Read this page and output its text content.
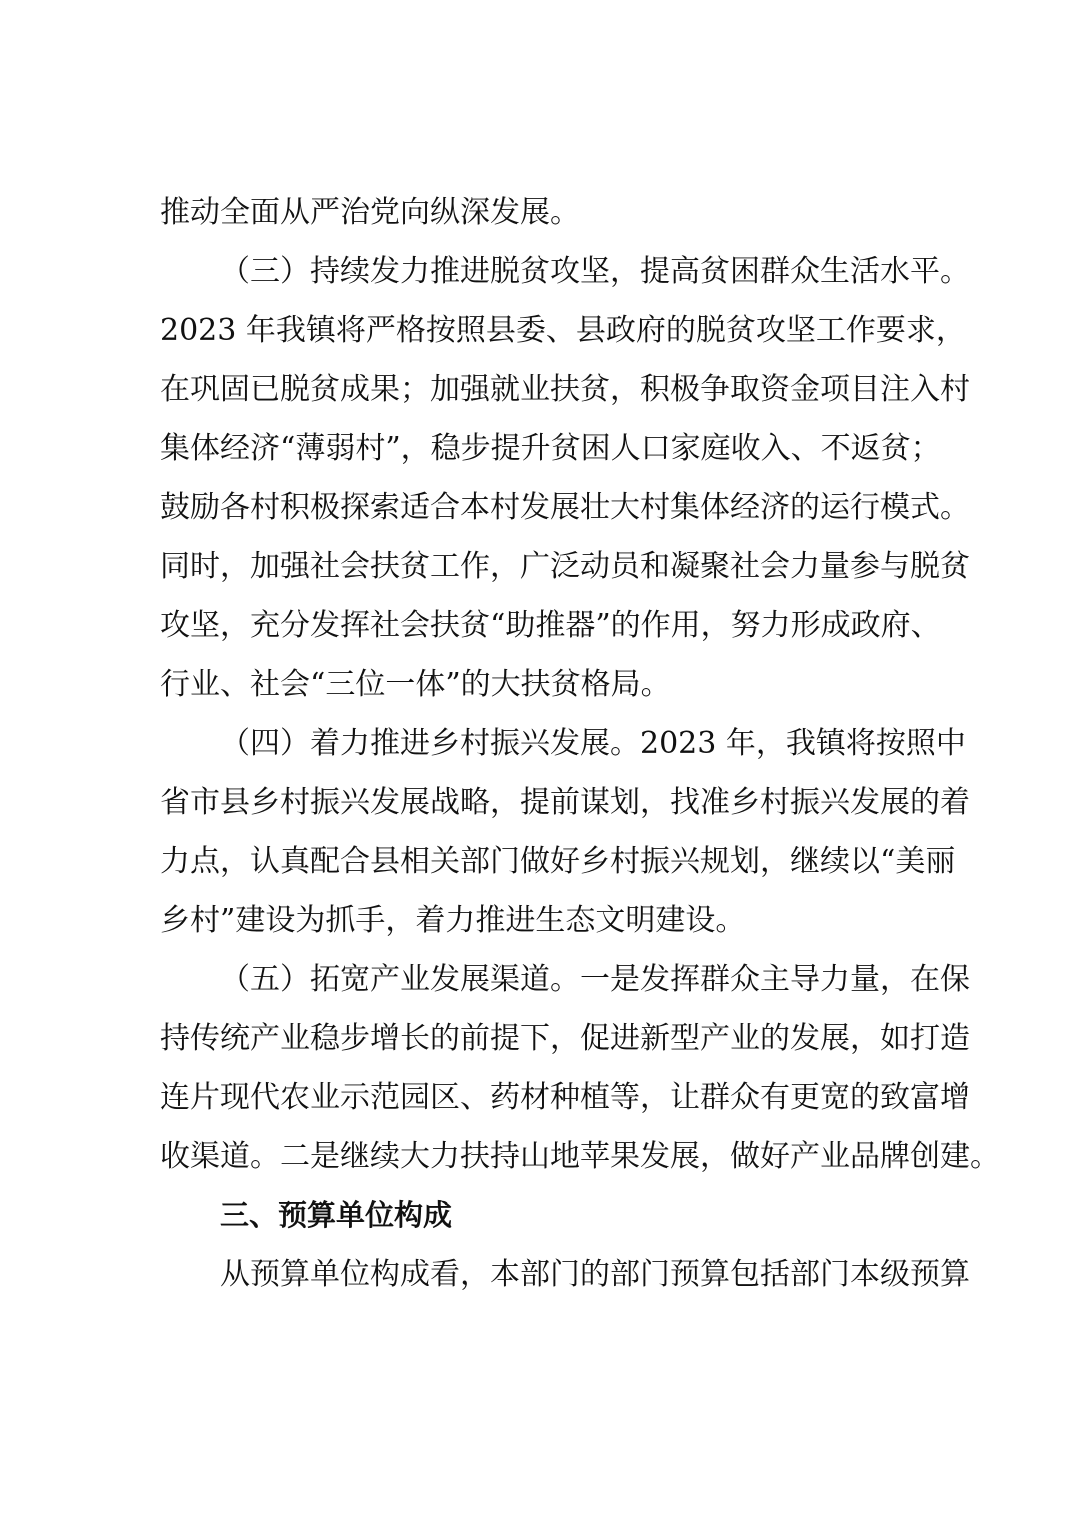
推动全面从严治党向纵深发展。
（三）持续发力推进脱贫攻坚，提高贫困群众生活水平。
2023 年我镇将严格按照县委、县政府的脱贫攻坚工作要求，
在巩固已脱贫成果；加强就业扶贫，积极争取资金项目注入村
集体经济“薄弱村”，稳步提升贫困人口家庭收入、不返贫；
鼓励各村积极探索适合本村发展壮大村集体经济的运行模式。
同时，加强社会扶贫工作，广泛动员和凝聚社会力量参与脱贫
攻坚，充分发挥社会扶贫“助推器”的作用，努力形成政府、
行业、社会“三位一体”的大扶贫格局。
（四）着力推进乡村振兴发展。2023 年，我镇将按照中
省市县乡村振兴发展战略，提前谋划，找准乡村振兴发展的着
力点，认真配合县相关部门做好乡村振兴规划，继续以“美丽
乡村”建设为抓手，着力推进生态文明建设。
（五）拓宽产业发展渠道。一是发挥群众主导力量，在保
持传统产业稳步增长的前提下，促进新型产业的发展，如打造
连片现代农业示范园区、药材种植等，让群众有更宽的致富增
收渠道。二是继续大力扶持山地苹果发展，做好产业品牌创建。
三、预算单位构成
从预算单位构成看，本部门的部门预算包括部门本级预算
